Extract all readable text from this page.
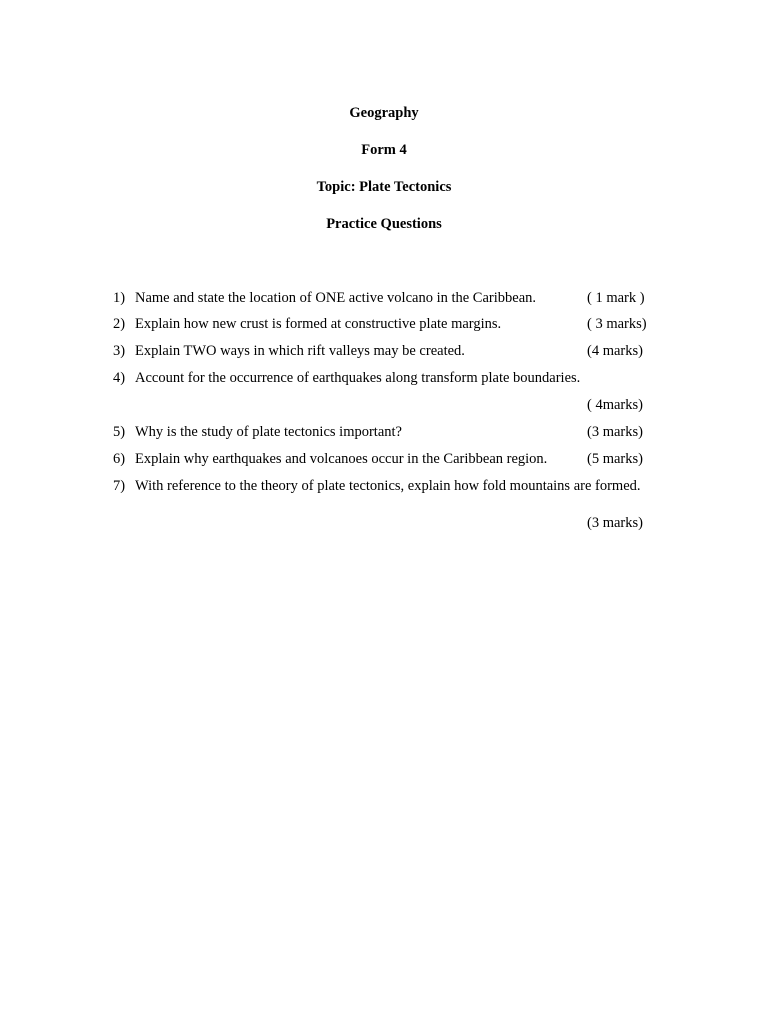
Geography
Form 4
Topic: Plate Tectonics
Practice Questions
1) Name and state the location of ONE active volcano in the Caribbean.	( 1 mark )
2) Explain how new crust is formed at constructive plate margins.	( 3 marks)
3) Explain TWO ways in which rift valleys may be created.	(4 marks)
4) Account for the occurrence of earthquakes along transform plate boundaries.
( 4marks)
5) Why is the study of plate tectonics important?	(3 marks)
6) Explain why earthquakes and volcanoes occur in the Caribbean region.	(5 marks)
7) With reference to the theory of plate tectonics, explain how fold mountains are formed.
(3 marks)
